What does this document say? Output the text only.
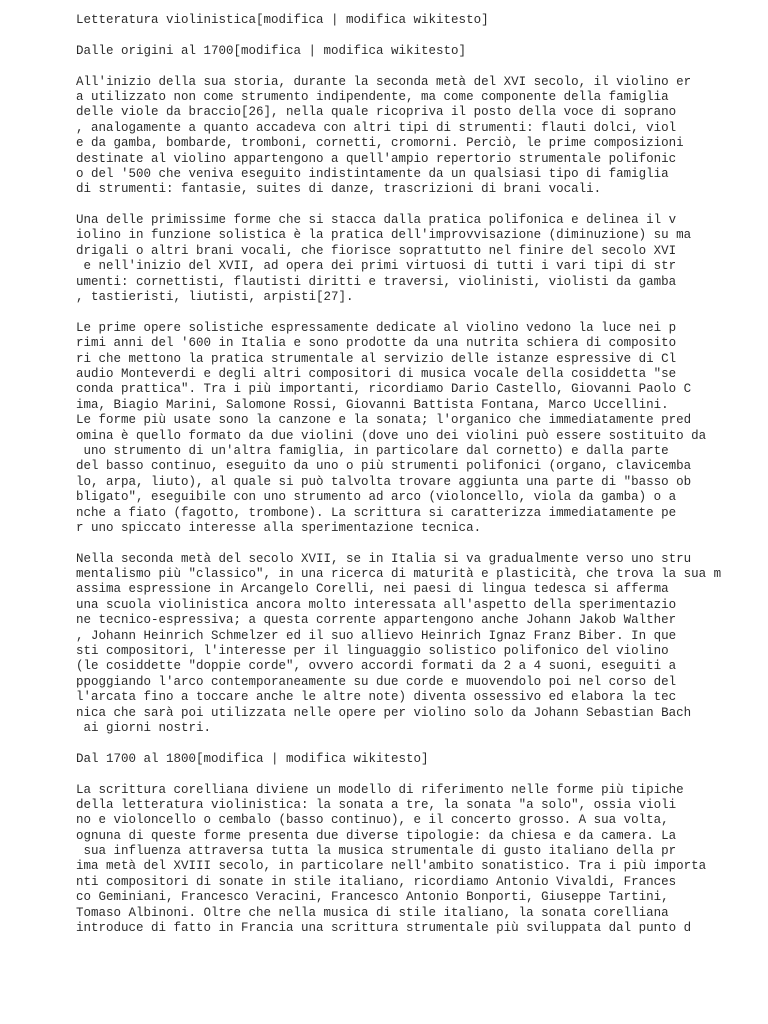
Letteratura violinistica[modifica | modifica wikitesto]
Dalle origini al 1700[modifica | modifica wikitesto]
All'inizio della sua storia, durante la seconda metà del XVI secolo, il violino er
a utilizzato non come strumento indipendente, ma come componente della famiglia
delle viole da braccio[26], nella quale ricopriva il posto della voce di soprano
, analogamente a quanto accadeva con altri tipi di strumenti: flauti dolci, viol
e da gamba, bombarde, tromboni, cornetti, cromorni. Perciò, le prime composizioni
destinate al violino appartengono a quell'ampio repertorio strumentale polifonic
o del '500 che veniva eseguito indistintamente da un qualsiasi tipo di famiglia
di strumenti: fantasie, suites di danze, trascrizioni di brani vocali.
Una delle primissime forme che si stacca dalla pratica polifonica e delinea il v
iolino in funzione solistica è la pratica dell'improvvisazione (diminuzione) su ma
drigali o altri brani vocali, che fiorisce soprattutto nel finire del secolo XVI
e nell'inizio del XVII, ad opera dei primi virtuosi di tutti i vari tipi di str
umenti: cornettisti, flautisti diritti e traversi, violinisti, violisti da gamba
, tastieristi, liutisti, arpisti[27].
Le prime opere solistiche espressamente dedicate al violino vedono la luce nei p
rimi anni del '600 in Italia e sono prodotte da una nutrita schiera di composito
ri che mettono la pratica strumentale al servizio delle istanze espressive di Cl
audio Monteverdi e degli altri compositori di musica vocale della cosiddetta "se
conda prattica". Tra i più importanti, ricordiamo Dario Castello, Giovanni Paolo C
ima, Biagio Marini, Salomone Rossi, Giovanni Battista Fontana, Marco Uccellini.
Le forme più usate sono la canzone e la sonata; l'organico che immediatamente pred
omina è quello formato da due violini (dove uno dei violini può essere sostituito da
uno strumento di un'altra famiglia, in particolare dal cornetto) e dalla parte
del basso continuo, eseguito da uno o più strumenti polifonici (organo, clavicemba
lo, arpa, liuto), al quale si può talvolta trovare aggiunta una parte di "basso ob
bligato", eseguibile con uno strumento ad arco (violoncello, viola da gamba) o a
nche a fiato (fagotto, trombone). La scrittura si caratterizza immediatamente pe
r uno spiccato interesse alla sperimentazione tecnica.
Nella seconda metà del secolo XVII, se in Italia si va gradualmente verso uno stru
mentalismo più "classico", in una ricerca di maturità e plasticità, che trova la sua m
assima espressione in Arcangelo Corelli, nei paesi di lingua tedesca si afferma
una scuola violinistica ancora molto interessata all'aspetto della sperimentazio
ne tecnico-espressiva; a questa corrente appartengono anche Johann Jakob Walther
, Johann Heinrich Schmelzer ed il suo allievo Heinrich Ignaz Franz Biber. In que
sti compositori, l'interesse per il linguaggio solistico polifonico del violino
(le cosiddette "doppie corde", ovvero accordi formati da 2 a 4 suoni, eseguiti a
ppoggiando l'arco contemporaneamente su due corde e muovendolo poi nel corso del
l'arcata fino a toccare anche le altre note) diventa ossessivo ed elabora la tec
nica che sarà poi utilizzata nelle opere per violino solo da Johann Sebastian Bach
ai giorni nostri.
Dal 1700 al 1800[modifica | modifica wikitesto]
La scrittura corelliana diviene un modello di riferimento nelle forme più tipiche
della letteratura violinistica: la sonata a tre, la sonata "a solo", ossia violi
no e violoncello o cembalo (basso continuo), e il concerto grosso. A sua volta,
ognuna di queste forme presenta due diverse tipologie: da chiesa e da camera. La
sua influenza attraversa tutta la musica strumentale di gusto italiano della pr
ima metà del XVIII secolo, in particolare nell'ambito sonatistico. Tra i più importa
nti compositori di sonate in stile italiano, ricordiamo Antonio Vivaldi, Frances
co Geminiani, Francesco Veracini, Francesco Antonio Bonporti, Giuseppe Tartini,
Tomaso Albinoni. Oltre che nella musica di stile italiano, la sonata corelliana
introduce di fatto in Francia una scrittura strumentale più sviluppata dal punto d
